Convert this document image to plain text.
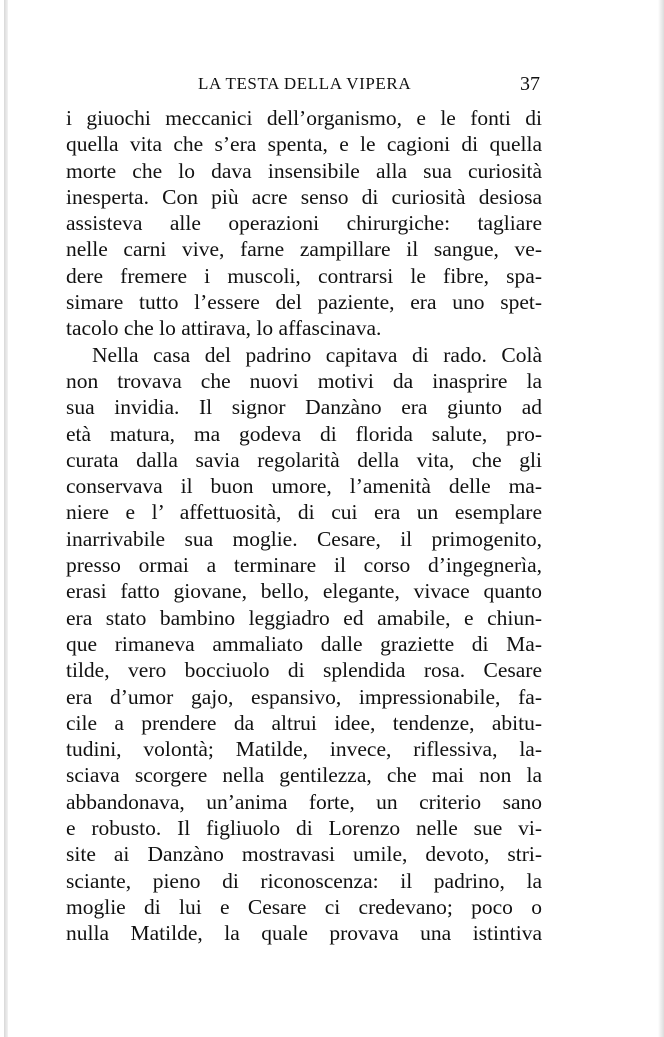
LA TESTA DELLA VIPERA	37
i giuochi meccanici dell’organismo, e le fonti di
quella vita che s’era spenta, e le cagioni di quella
morte che lo dava insensibile alla sua curiosità
inesperta. Con più acre senso di curiosità desiosa
assisteva alle operazioni chirurgiche: tagliare
nelle carni vive, farne zampillare il sangue, ve-
dere fremere i muscoli, contrarsi le fibre, spa-
simare tutto l’essere del paziente, era uno spet-
tacolo che lo attirava, lo affascinava.
Nella casa del padrino capitava di rado. Colà
non trovava che nuovi motivi da inasprire la
sua invidia. Il signor Danzàno era giunto ad
età matura, ma godeva di florida salute, pro-
curata dalla savia regolarità della vita, che gli
conservava il buon umore, l’amenità delle ma-
niere e l’ affettuosità, di cui era un esemplare
inarrivabile sua moglie. Cesare, il primogenito,
presso ormai a terminare il corso d’ingegnerìa,
erasi fatto giovane, bello, elegante, vivace quanto
era stato bambino leggiadro ed amabile, e chiun-
que rimaneva ammaliato dalle graziette di Ma-
tilde, vero bocciuolo di splendida rosa. Cesare
era d’umor gajo, espansivo, impressionabile, fa-
cile a prendere da altrui idee, tendenze, abitu-
tudini, volontà; Matilde, invece, riflessiva, la-
sciava scorgere nella gentilezza, che mai non la
abbandonava, un’anima forte, un criterio sano
e robusto. Il figliuolo di Lorenzo nelle sue vi-
site ai Danzàno mostravasi umile, devoto, stri-
sciante, pieno di riconoscenza: il padrino, la
moglie di lui e Cesare ci credevano; poco o
nulla Matilde, la quale provava una istintiva
